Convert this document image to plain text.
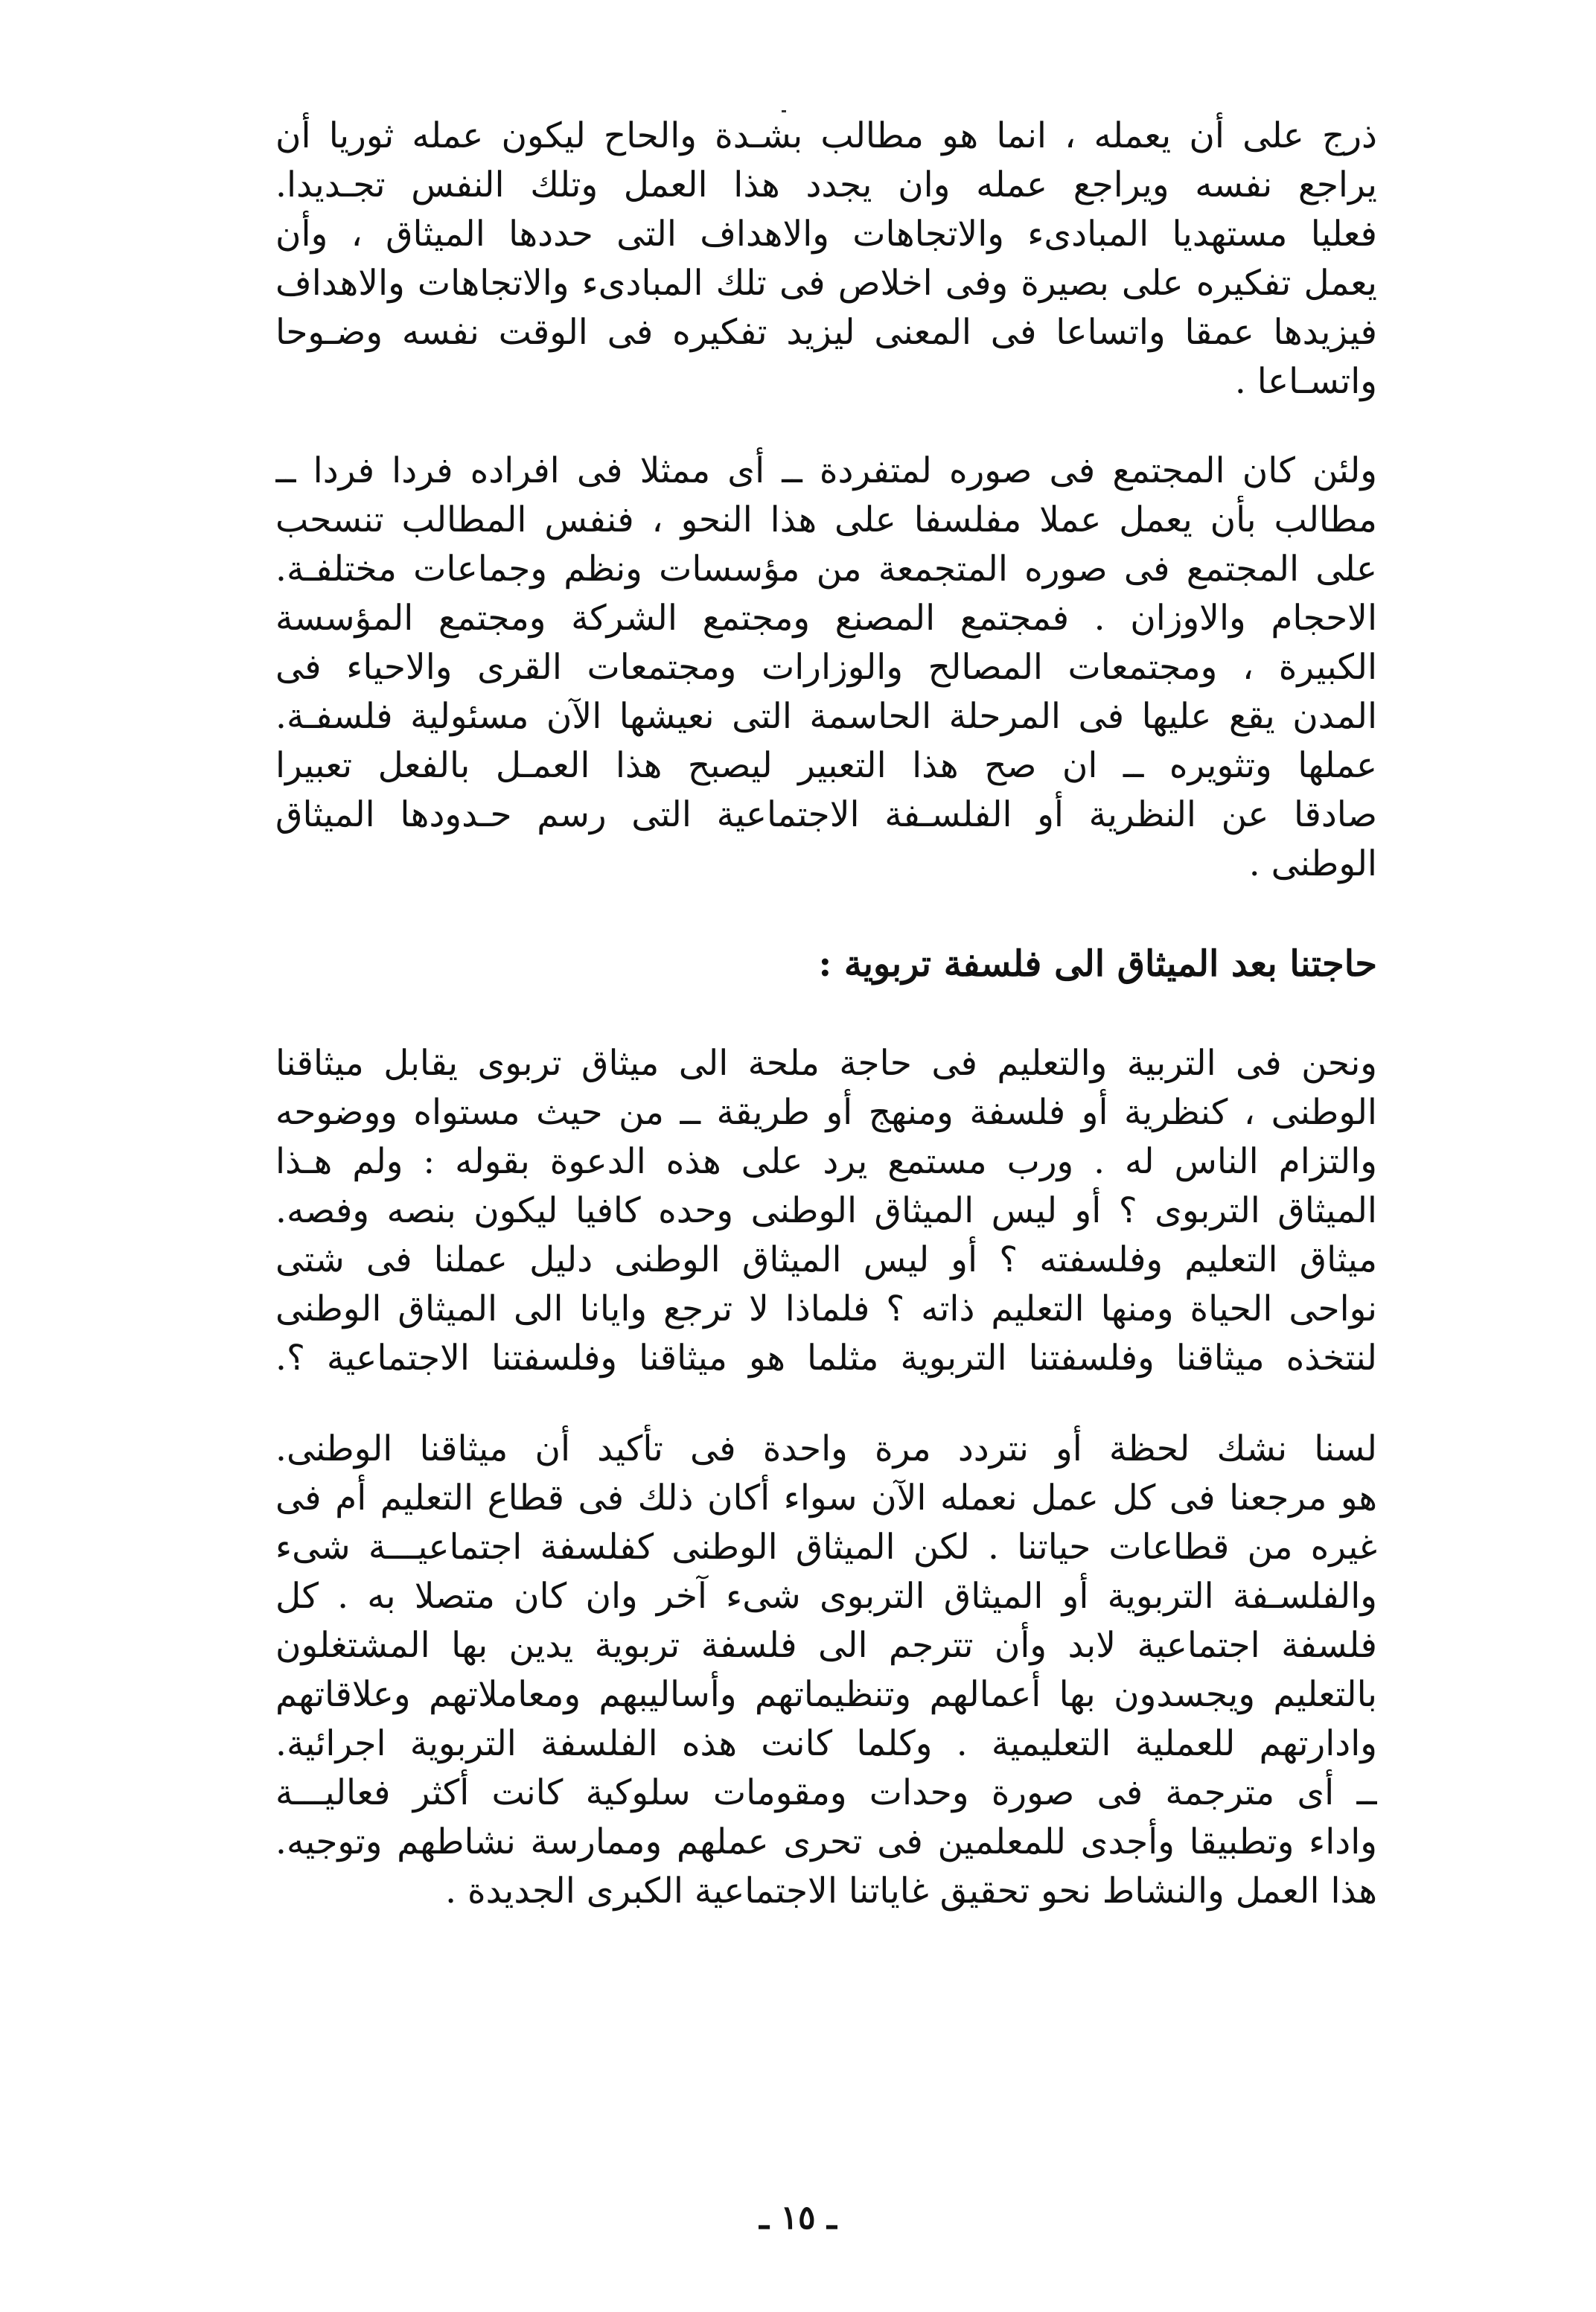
ذرج على أن يعمله ، انما هو مطالب بشـدة والحاح ليكون عمله ثوريا أن
يراجع نفسه ويراجع عمله وان يجدد هذا العمل وتلك النفس تجـديدا.
فعليا مستهديا المبادىء والاتجاهات والاهداف التى حددها الميثاق ، وأن
يعمل تفكيره على بصيرة وفى اخلاص فى تلك المبادىء والاتجاهات والاهداف
فيزيدها عمقا واتساعا فى المعنى ليزيد تفكيره فى الوقت نفسه وضـوحا
واتسـاعا .
ولئن كان المجتمع فى صوره لمتفردة ــ أى ممثلا فى افراده فردا فردا ــ
مطالب بأن يعمل عملا مفلسفا على هذا النحو ، فنفس المطالب تنسحب
على المجتمع فى صوره المتجمعة من مؤسسات ونظم وجماعات مختلفـة.
الاحجام والاوزان . فمجتمع المصنع ومجتمع الشركة ومجتمع المؤسسة
الكبيرة ، ومجتمعات المصالح والوزارات ومجتمعات القرى والاحياء فى
المدن يقع عليها فى المرحلة الحاسمة التى نعيشها الآن مسئولية فلسفـة.
عملها وتثويره ــ ان صح هذا التعبير ليصبح هذا العمـل بالفعل تعبيرا
صادقا عن النظرية أو الفلسـفة الاجتماعية التى رسم حـدودها الميثاق
الوطنى .
حاجتنا بعد الميثاق الى فلسفة تربوية :
ونحن فى التربية والتعليم فى حاجة ملحة الى ميثاق تربوى يقابل ميثاقنا
الوطنى ، كنظرية أو فلسفة ومنهج أو طريقة ــ من حيث مستواه ووضوحه
والتزام الناس له . ورب مستمع يرد على هذه الدعوة بقوله : ولم هـذا
الميثاق التربوى ؟ أو ليس الميثاق الوطنى وحده كافيا ليكون بنصه وفصه.
ميثاق التعليم وفلسفته ؟ أو ليس الميثاق الوطنى دليل عملنا فى شتى
نواحى الحياة ومنها التعليم ذاته ؟ فلماذا لا ترجع وايانا الى الميثاق الوطنى
لنتخذه ميثاقنا وفلسفتنا التربوية مثلما هو ميثاقنا وفلسفتنا الاجتماعية ؟.
لسنا نشك لحظة أو نتردد مرة واحدة فى تأكيد أن ميثاقنا الوطنى.
هو مرجعنا فى كل عمل نعمله الآن سواء أكان ذلك فى قطاع التعليم أم فى
غيره من قطاعات حياتنا . لكن الميثاق الوطنى كفلسفة اجتماعيـــة شىء
والفلسـفة التربوية أو الميثاق التربوى شىء آخر وان كان متصلا به . كل
فلسفة اجتماعية لابد وأن تترجم الى فلسفة تربوية يدين بها المشتغلون
بالتعليم ويجسدون بها أعمالهم وتنظيماتهم وأساليبهم ومعاملاتهم وعلاقاتهم
وادارتهم للعملية التعليمية . وكلما كانت هذه الفلسفة التربوية اجرائية.
ــ أى مترجمة فى صورة وحدات ومقومات سلوكية كانت أكثر فعاليـــة
واداء وتطبيقا وأجدى للمعلمين فى تحرى عملهم وممارسة نشاطهم وتوجيه.
هذا العمل والنشاط نحو تحقيق غاياتنا الاجتماعية الكبرى الجديدة .
ـ ١٥ ـ
